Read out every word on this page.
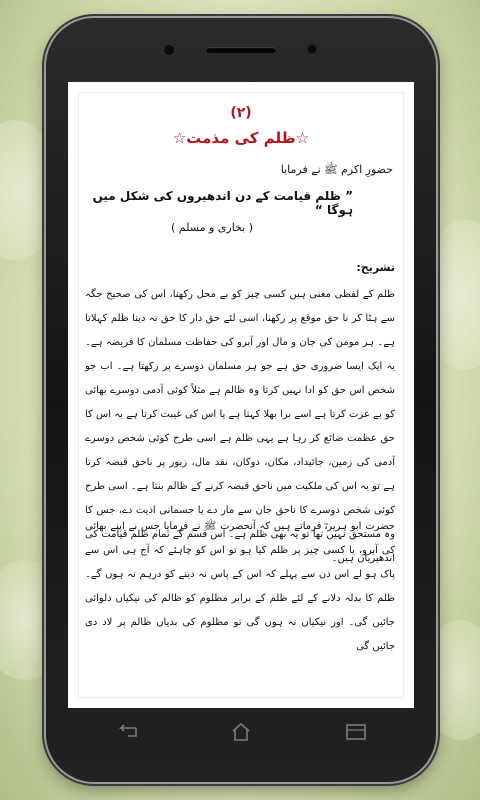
(۲)
☆ظلم کی مذمت☆
حضورِ اکرم ﷺ نے فرمایا
” ظلم قیامت کے دن اندھیروں کی شکل میں ہوگا “
( بخاری و مسلم )
تشریح:

ظلم کے لفظی معنی ہیں کسی چیز کو بے محل رکھنا، اس کی صحیح جگہ سے ہٹا کر نا حق موقع پر رکھنا، اسی لئے حق دار کا حق نہ دینا ظلم کہلاتا ہے۔ ہر مومن کی جان و مال اور آبرو کی حفاظت مسلمان کا فریضہ ہے۔ یہ ایک ایسا ضروری حق ہے جو ہر مسلمان دوسرے پر رکھتا ہے۔ اب جو شخص اس حق کو ادا نہیں کرتا وہ ظالم ہے مثلاً کوئی آدمی دوسرے بھائی کو بے عزت کرتا ہے اسے برا بھلا کہتا ہے یا اس کی غیبت کرتا ہے یہ اس کا حق عظمت ضائع کر رہا ہے یہی ظلم ہے اسی طرح کوئی شخص دوسرے آدمی کی زمین، جائیداد، مکان، دوکان، نقد مال، زیور پر ناحق قبضہ کرتا ہے تو یہ اس کی ملکیت میں ناحق قبضہ کرنے کے ظالم بنتا ہے۔ اسی طرح کوئی شخص دوسرے کا ناحق جان سے مار دے یا جسمانی اذیت دے، جس کا وہ مستحق نہیں تھا تو یہ بھی ظلم ہے۔ اس قسم کے تمام ظلم قیامت کی اندھیریاں ہیں۔

حضرت ابو ہریرہؓ فرماتے ہیں کہ آنحضرت ﷺ نے فرمایا جس نے اپنے بھائی کی آبرو، یا کسی چیز پر ظلم کیا ہو تو اس کو چاہئے کہ آج ہی اس سے پاک ہو لے اس دن سے پہلے کہ اس کے پاس نہ دینے کو درہم نہ ہوں گے۔ ظلم کا بدلہ دلانے کے لئے ظلم کے برابر مظلوم کو ظالم کی نیکیاں دلوائی جائیں گی۔ اور نیکیاں نہ ہوں گی تو مظلوم کی بدیاں ظالم پر لاد دی جائیں گی
